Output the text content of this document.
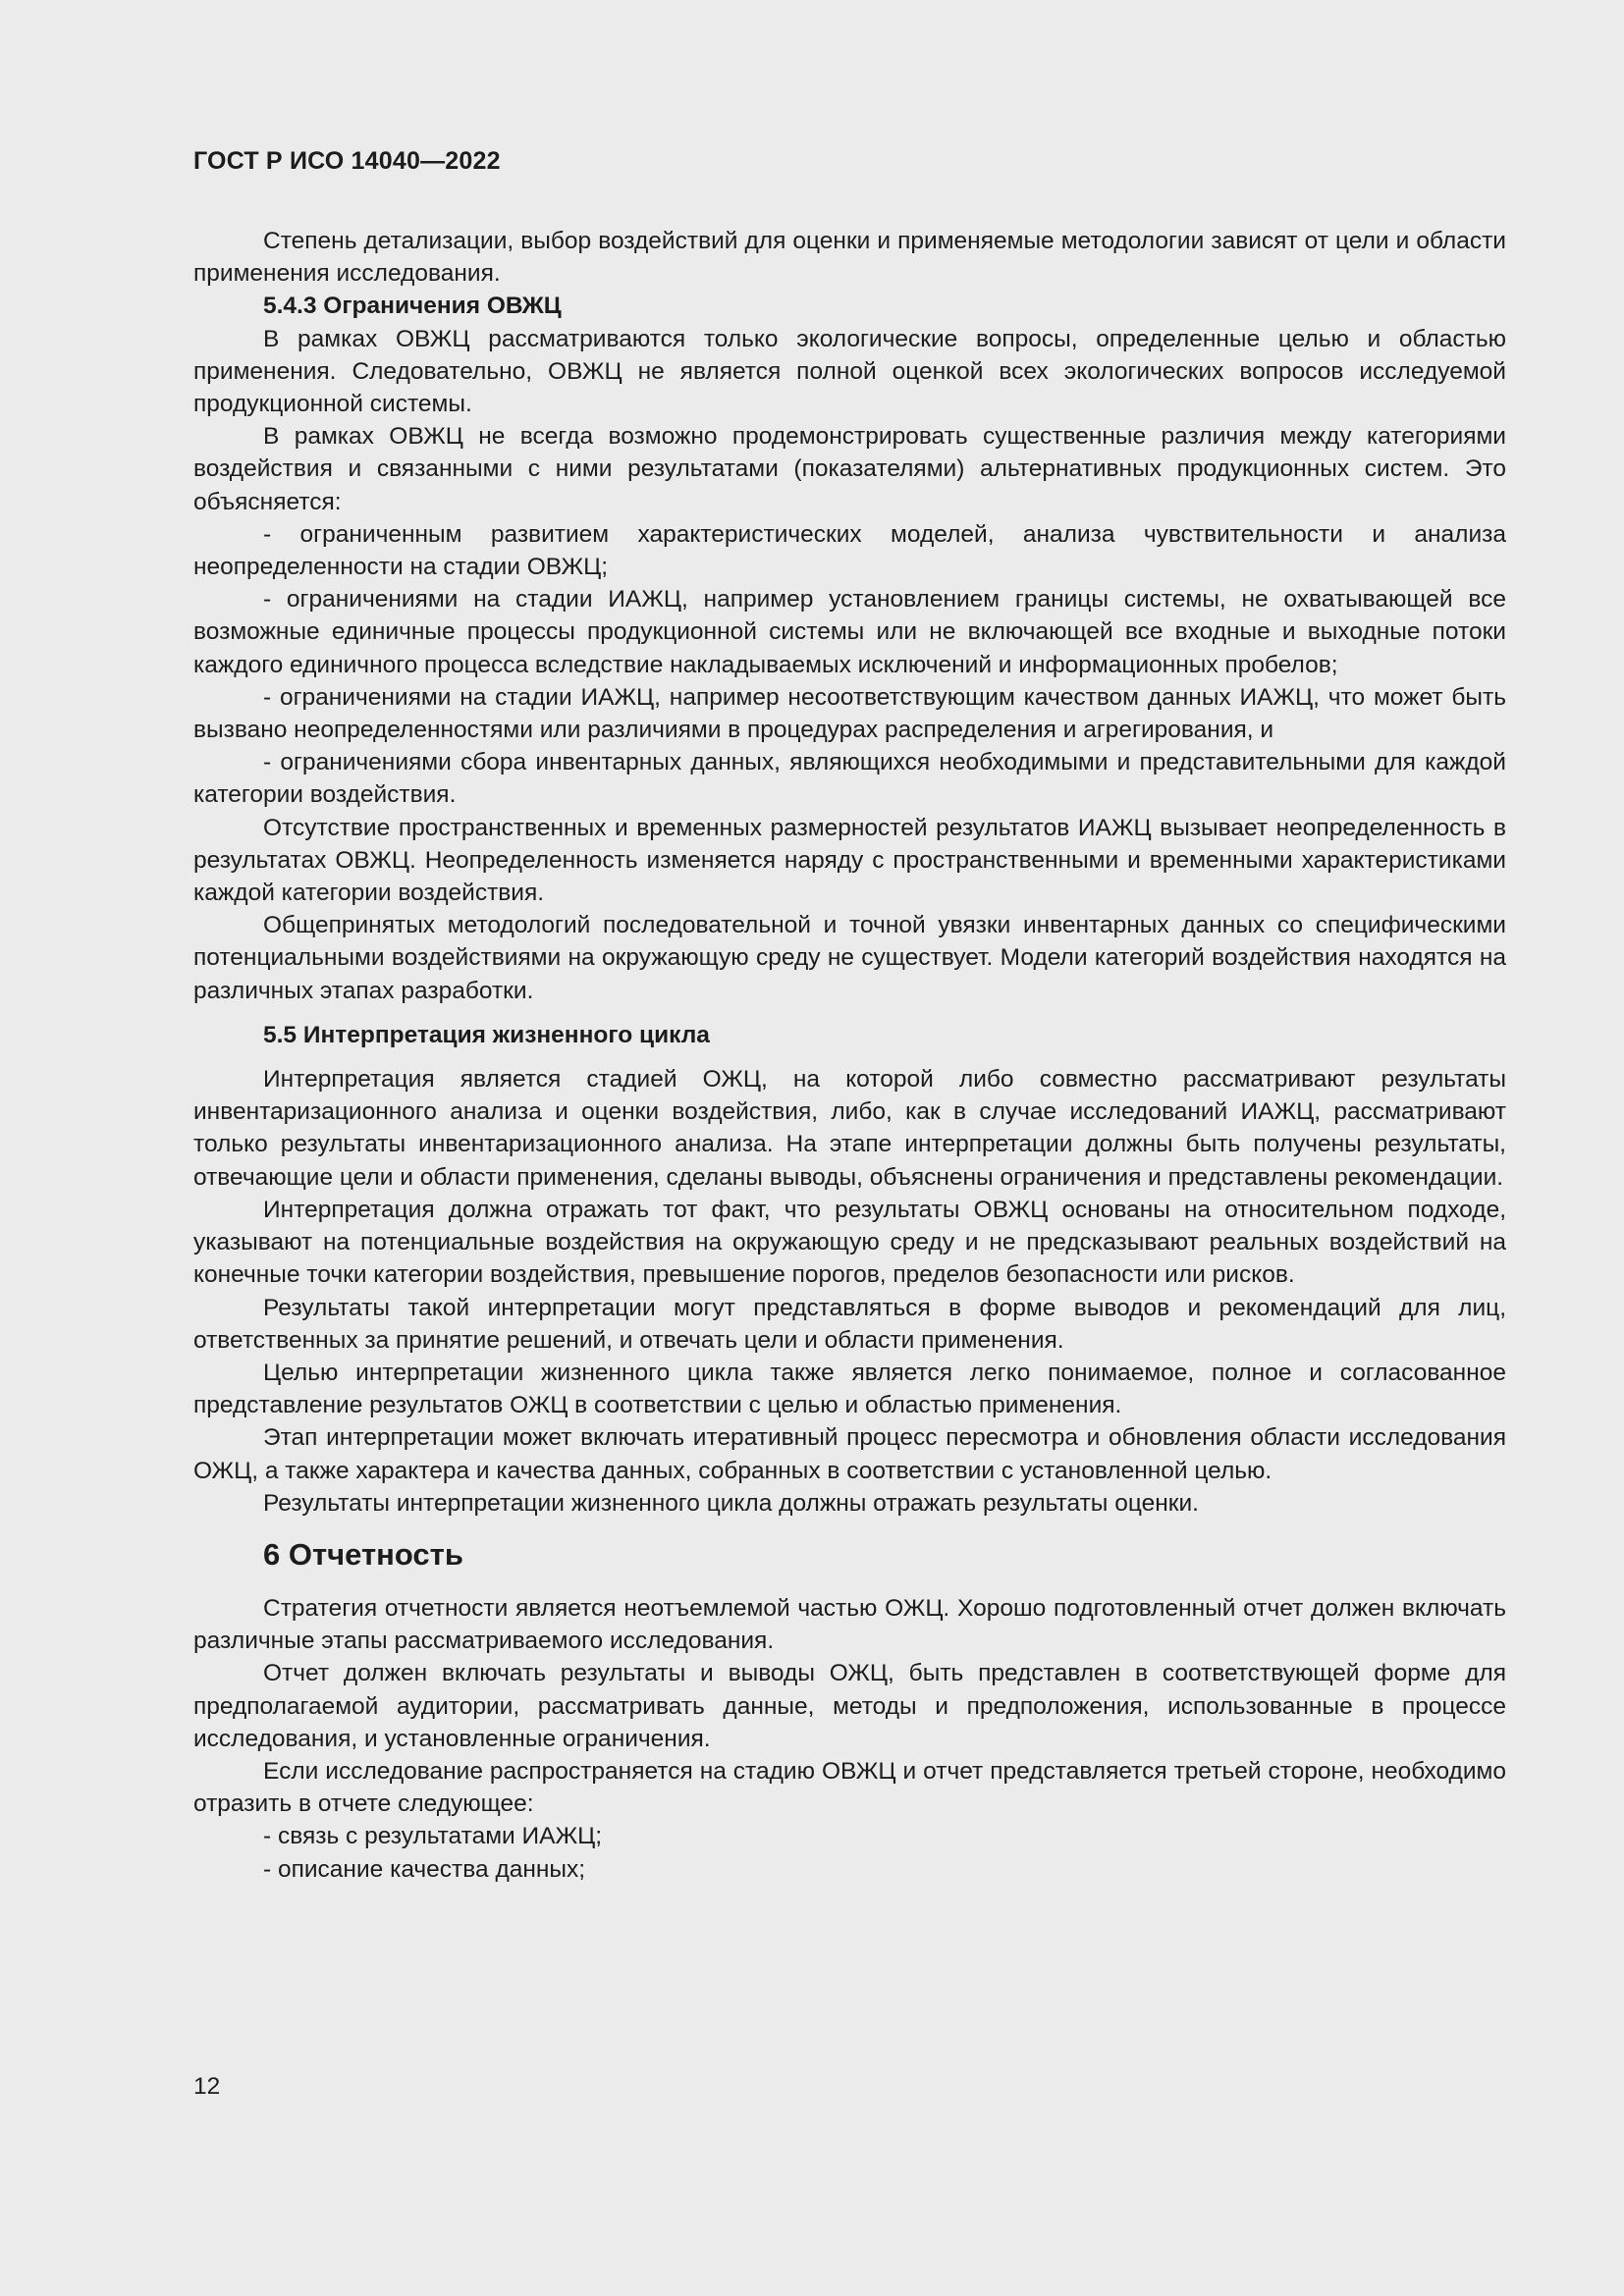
ГОСТ Р ИСО 14040—2022

Степень детализации, выбор воздействий для оценки и применяемые методологии зависят от цели и области применения исследования.

5.4.3 Ограничения ОВЖЦ

В рамках ОВЖЦ рассматриваются только экологические вопросы, определенные целью и областью применения. Следовательно, ОВЖЦ не является полной оценкой всех экологических вопросов исследуемой продукционной системы.

В рамках ОВЖЦ не всегда возможно продемонстрировать существенные различия между категориями воздействия и связанными с ними результатами (показателями) альтернативных продукционных систем. Это объясняется:

- ограниченным развитием характеристических моделей, анализа чувствительности и анализа неопределенности на стадии ОВЖЦ;

- ограничениями на стадии ИАЖЦ, например установлением границы системы, не охватывающей все возможные единичные процессы продукционной системы или не включающей все входные и выходные потоки каждого единичного процесса вследствие накладываемых исключений и информационных пробелов;

- ограничениями на стадии ИАЖЦ, например несоответствующим качеством данных ИАЖЦ, что может быть вызвано неопределенностями или различиями в процедурах распределения и агрегирования, и

- ограничениями сбора инвентарных данных, являющихся необходимыми и представительными для каждой категории воздействия.

Отсутствие пространственных и временных размерностей результатов ИАЖЦ вызывает неопределенность в результатах ОВЖЦ. Неопределенность изменяется наряду с пространственными и временными характеристиками каждой категории воздействия.

Общепринятых методологий последовательной и точной увязки инвентарных данных со специфическими потенциальными воздействиями на окружающую среду не существует. Модели категорий воздействия находятся на различных этапах разработки.

5.5 Интерпретация жизненного цикла

Интерпретация является стадией ОЖЦ, на которой либо совместно рассматривают результаты инвентаризационного анализа и оценки воздействия, либо, как в случае исследований ИАЖЦ, рассматривают только результаты инвентаризационного анализа. На этапе интерпретации должны быть получены результаты, отвечающие цели и области применения, сделаны выводы, объяснены ограничения и представлены рекомендации.

Интерпретация должна отражать тот факт, что результаты ОВЖЦ основаны на относительном подходе, указывают на потенциальные воздействия на окружающую среду и не предсказывают реальных воздействий на конечные точки категории воздействия, превышение порогов, пределов безопасности или рисков.

Результаты такой интерпретации могут представляться в форме выводов и рекомендаций для лиц, ответственных за принятие решений, и отвечать цели и области применения.

Целью интерпретации жизненного цикла также является легко понимаемое, полное и согласованное представление результатов ОЖЦ в соответствии с целью и областью применения.

Этап интерпретации может включать итеративный процесс пересмотра и обновления области исследования ОЖЦ, а также характера и качества данных, собранных в соответствии с установленной целью.

Результаты интерпретации жизненного цикла должны отражать результаты оценки.

6 Отчетность

Стратегия отчетности является неотъемлемой частью ОЖЦ. Хорошо подготовленный отчет должен включать различные этапы рассматриваемого исследования.

Отчет должен включать результаты и выводы ОЖЦ, быть представлен в соответствующей форме для предполагаемой аудитории, рассматривать данные, методы и предположения, использованные в процессе исследования, и установленные ограничения.

Если исследование распространяется на стадию ОВЖЦ и отчет представляется третьей стороне, необходимо отразить в отчете следующее:

- связь с результатами ИАЖЦ;

- описание качества данных;

12
